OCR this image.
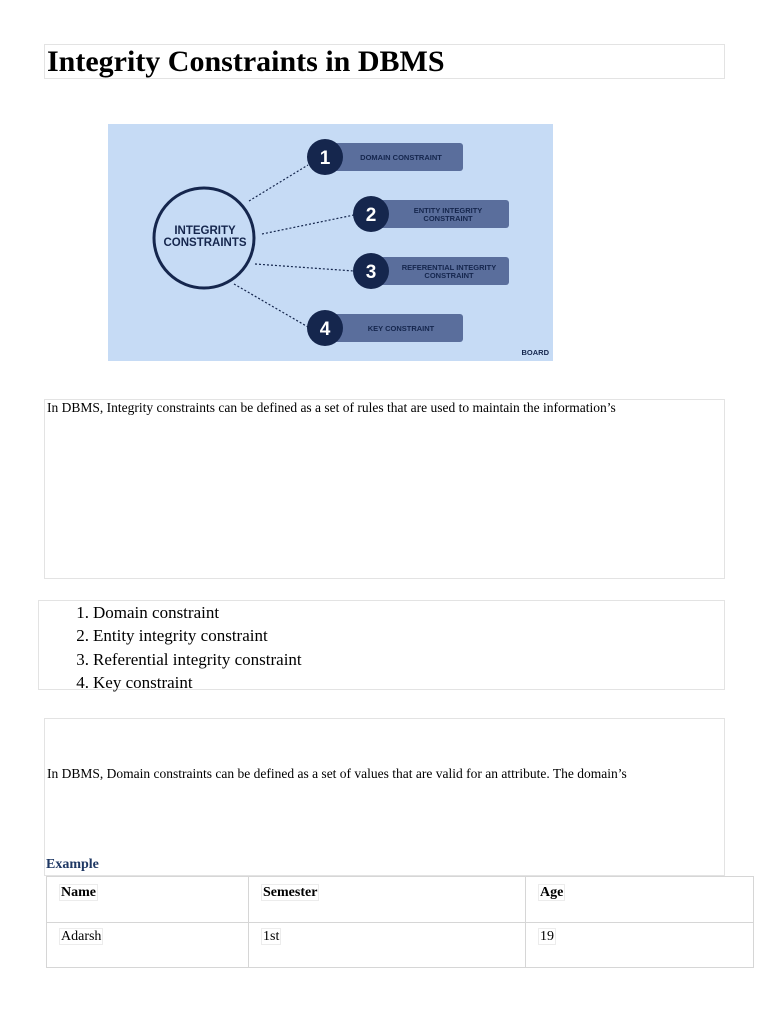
Integrity Constraints in DBMS
INTEGRITY
CONSTRAINTS
1	DOMAIN CONSTRAINT
2	ENTITY INTEGRITY
CONSTRAINT
3	REFERENTIAL INTEGRITY
CONSTRAINT
4	KEY CONSTRAINT
BOARD

In DBMS, Integrity constraints can be defined as a set of rules that are used to maintain the information’s

1. Domain constraint
2. Entity integrity constraint
3. Referential integrity constraint
4. Key constraint

In DBMS, Domain constraints can be defined as a set of values that are valid for an attribute. The domain’s

Example

Name	Semester	Age
Adarsh	1st	19
